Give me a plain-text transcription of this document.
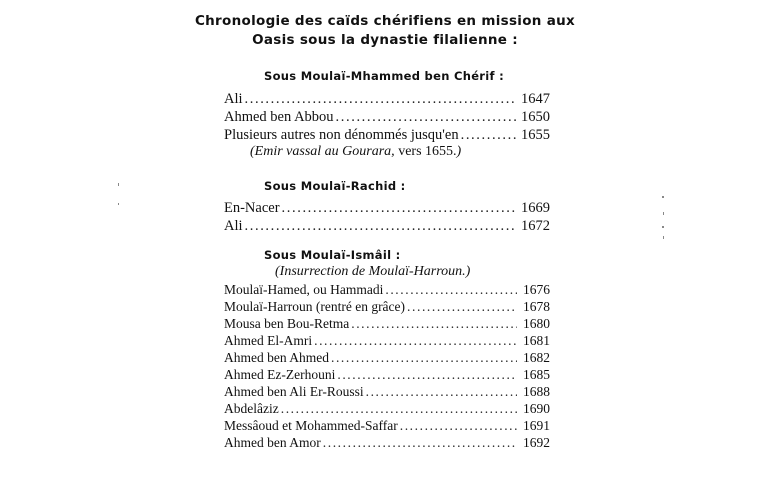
Chronologie des caïds chérifiens en mission aux
Oasis sous la dynastie filalienne :
Sous Moulaï-Mhammed ben Chérif :
Ali .....	1647
Ahmed ben Abbou .....	1650
Plusieurs autres non dénommés jusqu'en .....	1655
(Emir vassal au Gourara, vers 1655.)
Sous Moulaï-Rachid :
En-Nacer .....	1669
Ali .....	1672
Sous Moulaï-Ismâil :
(Insurrection de Moulaï-Harroun.)
Moulaï-Hamed, ou Hammadi .....	1676
Moulaï-Harroun (rentré en grâce) .....	1678
Mousa ben Bou-Retma .....	1680
Ahmed El-Amri .....	1681
Ahmed ben Ahmed .....	1682
Ahmed Ez-Zerhouni .....	1685
Ahmed ben Ali Er-Roussi .....	1688
Abdelâziz .....	1690
Messâoud et Mohammed-Saffar .....	1691
Ahmed ben Amor .....	1692
